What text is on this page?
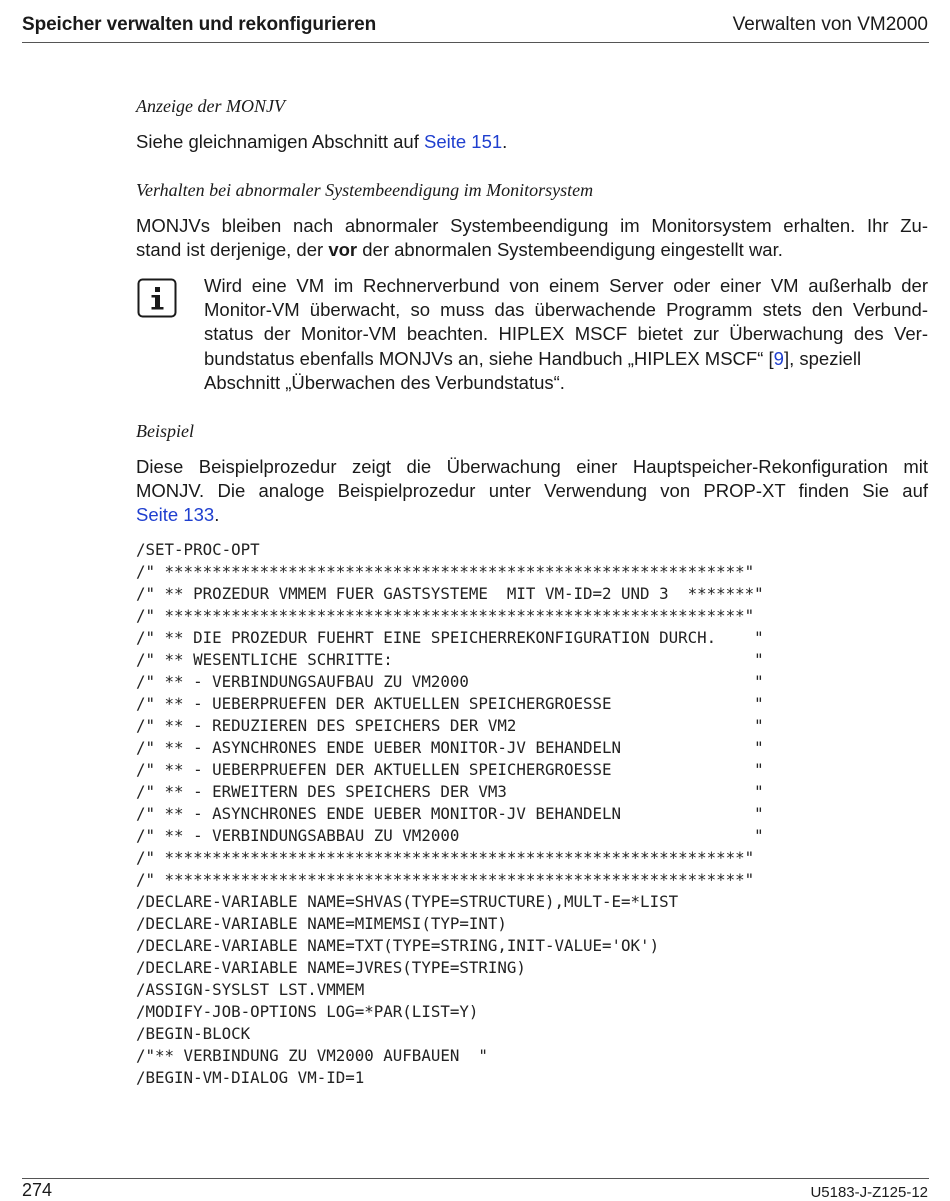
Speicher verwalten und rekonfigurieren	Verwalten von VM2000
Anzeige der MONJV
Siehe gleichnamigen Abschnitt auf Seite 151.
Verhalten bei abnormaler Systembeendigung im Monitorsystem
MONJVs bleiben nach abnormaler Systembeendigung im Monitorsystem erhalten. Ihr Zu-
stand ist derjenige, der vor der abnormalen Systembeendigung eingestellt war.
Beispiel
Diese Beispielprozedur zeigt die Überwachung einer Hauptspeicher-Rekonfiguration mit
MONJV. Die analoge Beispielprozedur unter Verwendung von PROP-XT finden Sie auf
Seite 133.
Wird eine VM im Rechnerverbund von einem Server oder einer VM außerhalb der
Monitor-VM überwacht, so muss das überwachende Programm stets den Verbund-
status der Monitor-VM beachten. HIPLEX MSCF bietet zur Überwachung des Ver-
bundstatus ebenfalls MONJVs an, siehe Handbuch „HIPLEX MSCF“ [9], speziell
Abschnitt „Überwachen des Verbundstatus“.
/SET-PROC-OPT
/" *************************************************************"
/" ** PROZEDUR VMMEM FUER GASTSYSTEME  MIT VM-ID=2 UND 3  *******"
/" *************************************************************"
/" ** DIE PROZEDUR FUEHRT EINE SPEICHERREKONFIGURATION DURCH.    "
/" ** WESENTLICHE SCHRITTE:                                      "
/" ** - VERBINDUNGSAUFBAU ZU VM2000                              "
/" ** - UEBERPRUEFEN DER AKTUELLEN SPEICHERGROESSE               "
/" ** - REDUZIEREN DES SPEICHERS DER VM2                         "
/" ** - ASYNCHRONES ENDE UEBER MONITOR-JV BEHANDELN              "
/" ** - UEBERPRUEFEN DER AKTUELLEN SPEICHERGROESSE               "
/" ** - ERWEITERN DES SPEICHERS DER VM3                          "
/" ** - ASYNCHRONES ENDE UEBER MONITOR-JV BEHANDELN              "
/" ** - VERBINDUNGSABBAU ZU VM2000                               "
/" *************************************************************"
/" *************************************************************"
/DECLARE-VARIABLE NAME=SHVAS(TYPE=STRUCTURE),MULT-E=*LIST
/DECLARE-VARIABLE NAME=MIMEMSI(TYP=INT)
/DECLARE-VARIABLE NAME=TXT(TYPE=STRING,INIT-VALUE='OK')
/DECLARE-VARIABLE NAME=JVRES(TYPE=STRING)
/ASSIGN-SYSLST LST.VMMEM
/MODIFY-JOB-OPTIONS LOG=*PAR(LIST=Y)
/BEGIN-BLOCK
/"** VERBINDUNG ZU VM2000 AUFBAUEN  "
/BEGIN-VM-DIALOG VM-ID=1
274	U5183-J-Z125-12
